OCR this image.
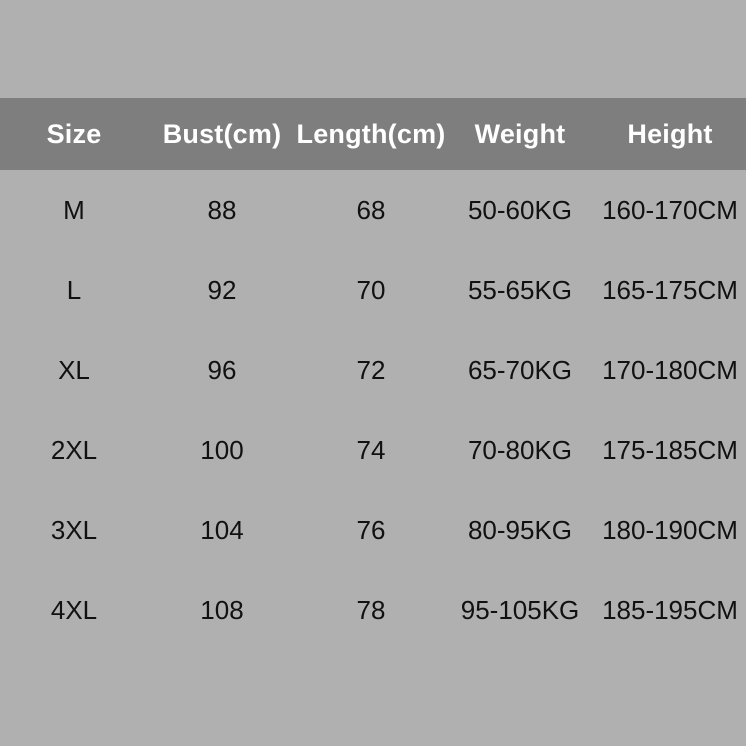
Size	Bust(cm)	Length(cm)	Weight	Height
M	88	68	50-60KG	160-170CM
L	92	70	55-65KG	165-175CM
XL	96	72	65-70KG	170-180CM
2XL	100	74	70-80KG	175-185CM
3XL	104	76	80-95KG	180-190CM
4XL	108	78	95-105KG	185-195CM
